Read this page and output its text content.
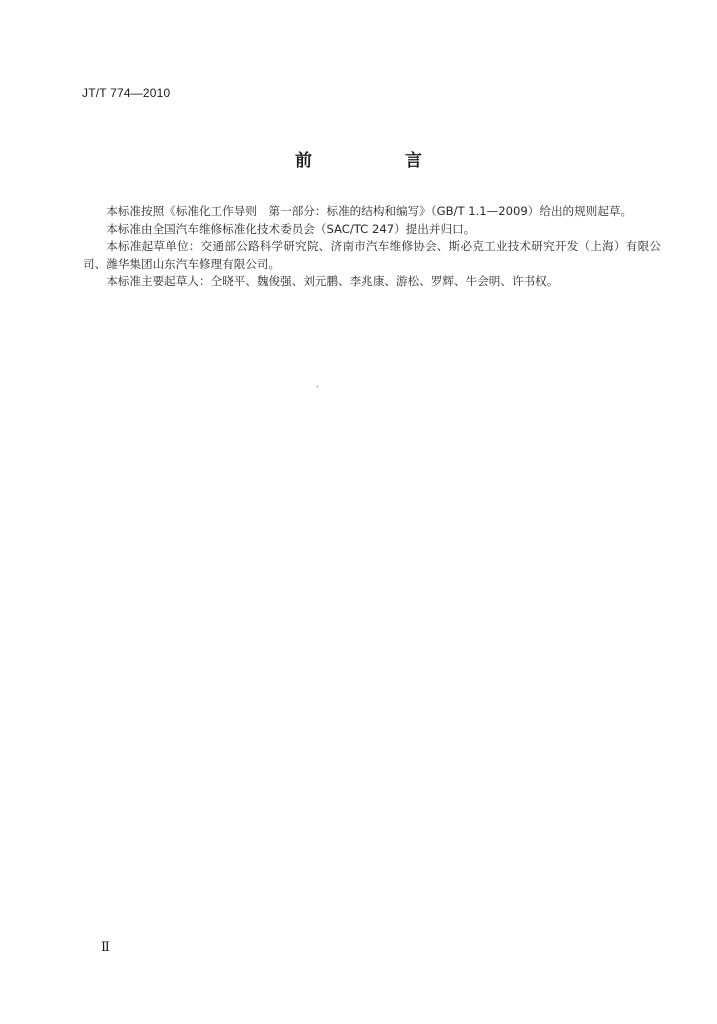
JT/T 774—2010
前　言

本标准按照《标准化工作导则　第一部分：标准的结构和编写》（GB/T 1.1—2009）给出的规则起草。

本标准由全国汽车维修标准化技术委员会（SAC/TC 247）提出并归口。

本标准起草单位：交通部公路科学研究院、济南市汽车维修协会、斯必克工业技术研究开发（上海）有限公司、潍华集团山东汽车修理有限公司。

本标准主要起草人：仝晓平、魏俊强、刘元鹏、李兆康、游松、罗辉、牛会明、许书权。

Ⅱ
